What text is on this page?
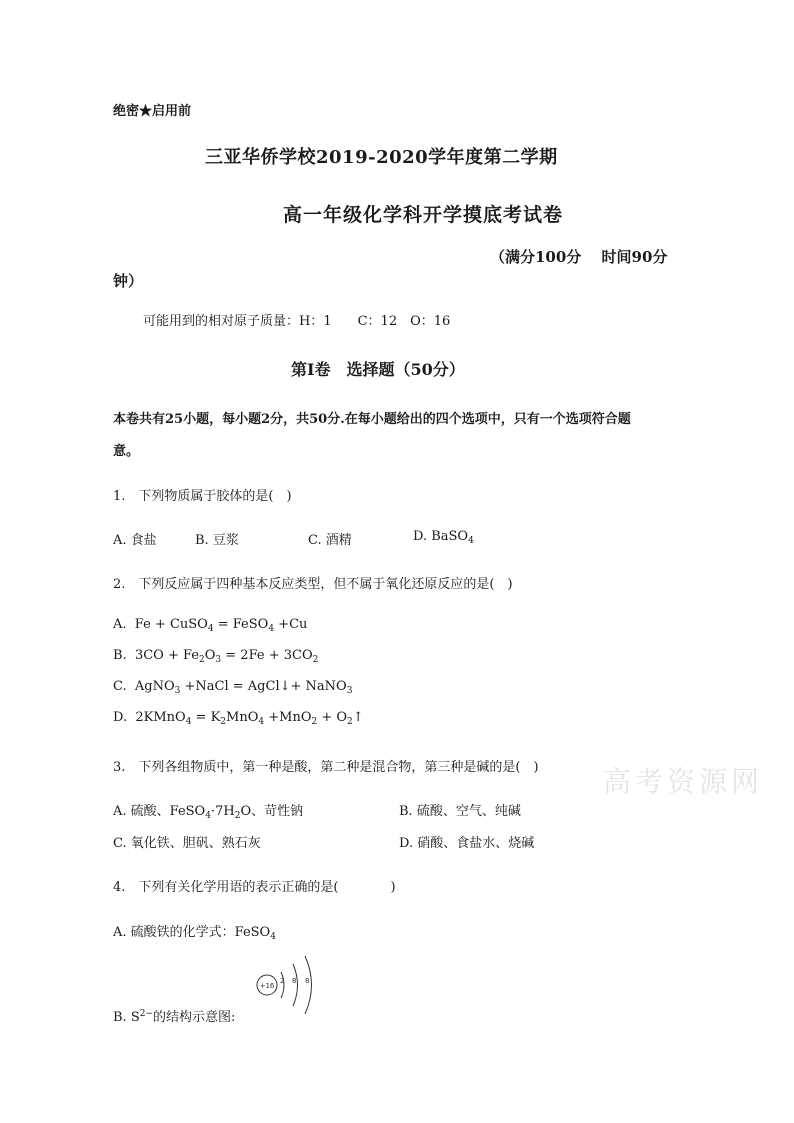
绝密★启用前
三亚华侨学校2019-2020学年度第二学期
高一年级化学科开学摸底考试卷
（满分100分　 时间90分
钟）
可能用到的相对原子质量：H：1　　C：12　O：16
第Ⅰ卷　选择题（50分）
本卷共有25小题，每小题2分，共50分.在每小题给出的四个选项中，只有一个选项符合题
意。
1.　下列物质属于胶体的是(　)
A. 食盐	B. 豆浆	C. 酒精	D. BaSO$_4$
2.　下列反应属于四种基本反应类型，但不属于氧化还原反应的是(　)
A. Fe + CuSO$_4$ = FeSO$_4$ +Cu
B. $3CO + Fe_2O_3 = 2Fe + 3CO_2$
C. AgNO$_3$ +NaCl = AgCl↓+ NaNO$_3$
D. 2KMnO$_4$ = $K_2MnO_4 +MnO_2$ + $O_2↑$
3.　下列各组物质中，第一种是酸，第二种是混合物，第三种是碱的是(　)
A. 硫酸、$FeSO_4\cdot 7H_2O$、苛性钠	B. 硫酸、空气、纯碱
C. 氧化铁、胆矾、熟石灰	D. 硝酸、食盐水、烧碱
高考资源网
4.　下列有关化学用语的表示正确的是(　　　　)
A. 硫酸铁的化学式：FeSO$_4$
+16
2 8 8
B. $S^{2-}$的结构示意图:
